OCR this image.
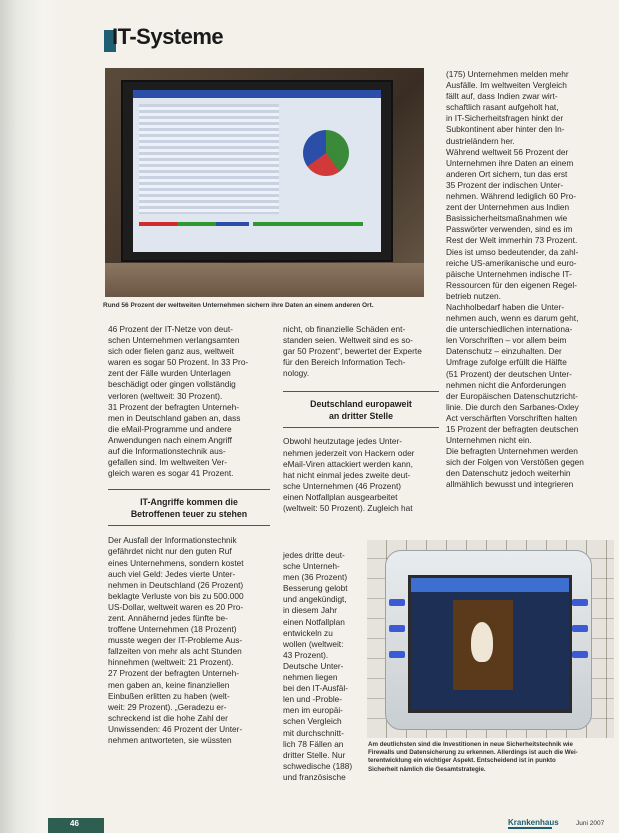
IT-Systeme
Rund 56 Prozent der weltweiten Unternehmen sichern ihre Daten an einem anderen Ort.

46 Prozent der IT-Netze von deut-

schen Unternehmen verlangsamten

sich oder fielen ganz aus, weltweit

waren es sogar 50 Prozent. In 33 Pro-

zent der Fälle wurden Unterlagen

beschädigt oder gingen vollständig

verloren (weltweit: 30 Prozent).

31 Prozent der befragten Unterneh-

men in Deutschland gaben an, dass

die eMail-Programme und andere

Anwendungen nach einem Angriff

auf die Informationstechnik aus-

gefallen sind. Im weltweiten Ver-

gleich waren es sogar 41 Prozent.

IT-Angriffe kommen die
Betroffenen teuer zu stehen

Der Ausfall der Informationstechnik

gefährdet nicht nur den guten Ruf

eines Unternehmens, sondern kostet

auch viel Geld: Jedes vierte Unter-

nehmen in Deutschland (26 Prozent)

beklagte Verluste von bis zu 500.000

US-Dollar, weltweit waren es 20 Pro-

zent. Annähernd jedes fünfte be-

troffene Unternehmen (18 Prozent)

musste wegen der IT-Probleme Aus-

fallzeiten von mehr als acht Stunden

hinnehmen (weltweit: 21 Prozent).

27 Prozent der befragten Unterneh-

men gaben an, keine finanziellen

Einbußen erlitten zu haben (welt-

weit: 29 Prozent). „Geradezu er-

schreckend ist die hohe Zahl der

Unwissenden: 46 Prozent der Unter-

nehmen antworteten, sie wüssten

nicht, ob finanzielle Schäden ent-

standen seien. Weltweit sind es so-

gar 50 Prozent“, bewertet der Experte

für den Bereich Information Tech-

nology.

Deutschland europaweit
an dritter Stelle

Obwohl heutzutage jedes Unter-

nehmen jederzeit von Hackern oder

eMail-Viren attackiert werden kann,

hat nicht einmal jedes zweite deut-

sche Unternehmen (46 Prozent)

einen Notfallplan ausgearbeitet

(weltweit: 50 Prozent). Zugleich hat

jedes dritte deut-

sche Unterneh-

men (36 Prozent)

Besserung gelobt

und angekündigt,

in diesem Jahr

einen Notfallplan

entwickeln zu

wollen (weltweit:

43 Prozent).

Deutsche Unter-

nehmen liegen

bei den IT-Ausfäl-

len und -Proble-

men im europäi-

schen Vergleich

mit durchschnitt-

lich 78 Fällen an

dritter Stelle. Nur

schwedische (188)

und französische

(175) Unternehmen melden mehr

Ausfälle. Im weltweiten Vergleich

fällt auf, dass Indien zwar wirt-

schaftlich rasant aufgeholt hat,

in IT-Sicherheitsfragen hinkt der

Subkontinent aber hinter den In-

dustrieländern her.

Während weltweit 56 Prozent der

Unternehmen ihre Daten an einem

anderen Ort sichern, tun das erst

35 Prozent der indischen Unter-

nehmen. Während lediglich 60 Pro-

zent der Unternehmen aus Indien

Basissicherheitsmaßnahmen wie

Passwörter verwenden, sind es im

Rest der Welt immerhin 73 Prozent.

Dies ist umso bedeutender, da zahl-

reiche US-amerikanische und euro-

päische Unternehmen indische IT-

Ressourcen für den eigenen Regel-

betrieb nutzen.

Nachholbedarf haben die Unter-

nehmen auch, wenn es darum geht,

die unterschiedlichen internationa-

len Vorschriften – vor allem beim

Datenschutz – einzuhalten. Der

Umfrage zufolge erfüllt die Hälfte

(51 Prozent) der deutschen Unter-

nehmen nicht die Anforderungen

der Europäischen Datenschutzricht-

linie. Die durch den Sarbanes-Oxley

Act verschärften Vorschriften halten

15 Prozent der befragten deutschen

Unternehmen nicht ein.

Die befragten Unternehmen werden

sich der Folgen von Verstößen gegen

den Datenschutz jedoch weiterhin

allmählich bewusst und integrieren

Am deutlichsten sind die Investitionen in neue Sicherheitstechnik wie
Firewalls und Datensicherung zu erkennen. Allerdings ist auch die Wei-
terentwicklung ein wichtiger Aspekt. Entscheidend ist in punkto
Sicherheit nämlich die Gesamtstrategie.
46	Krankenhaus	Juni 2007
